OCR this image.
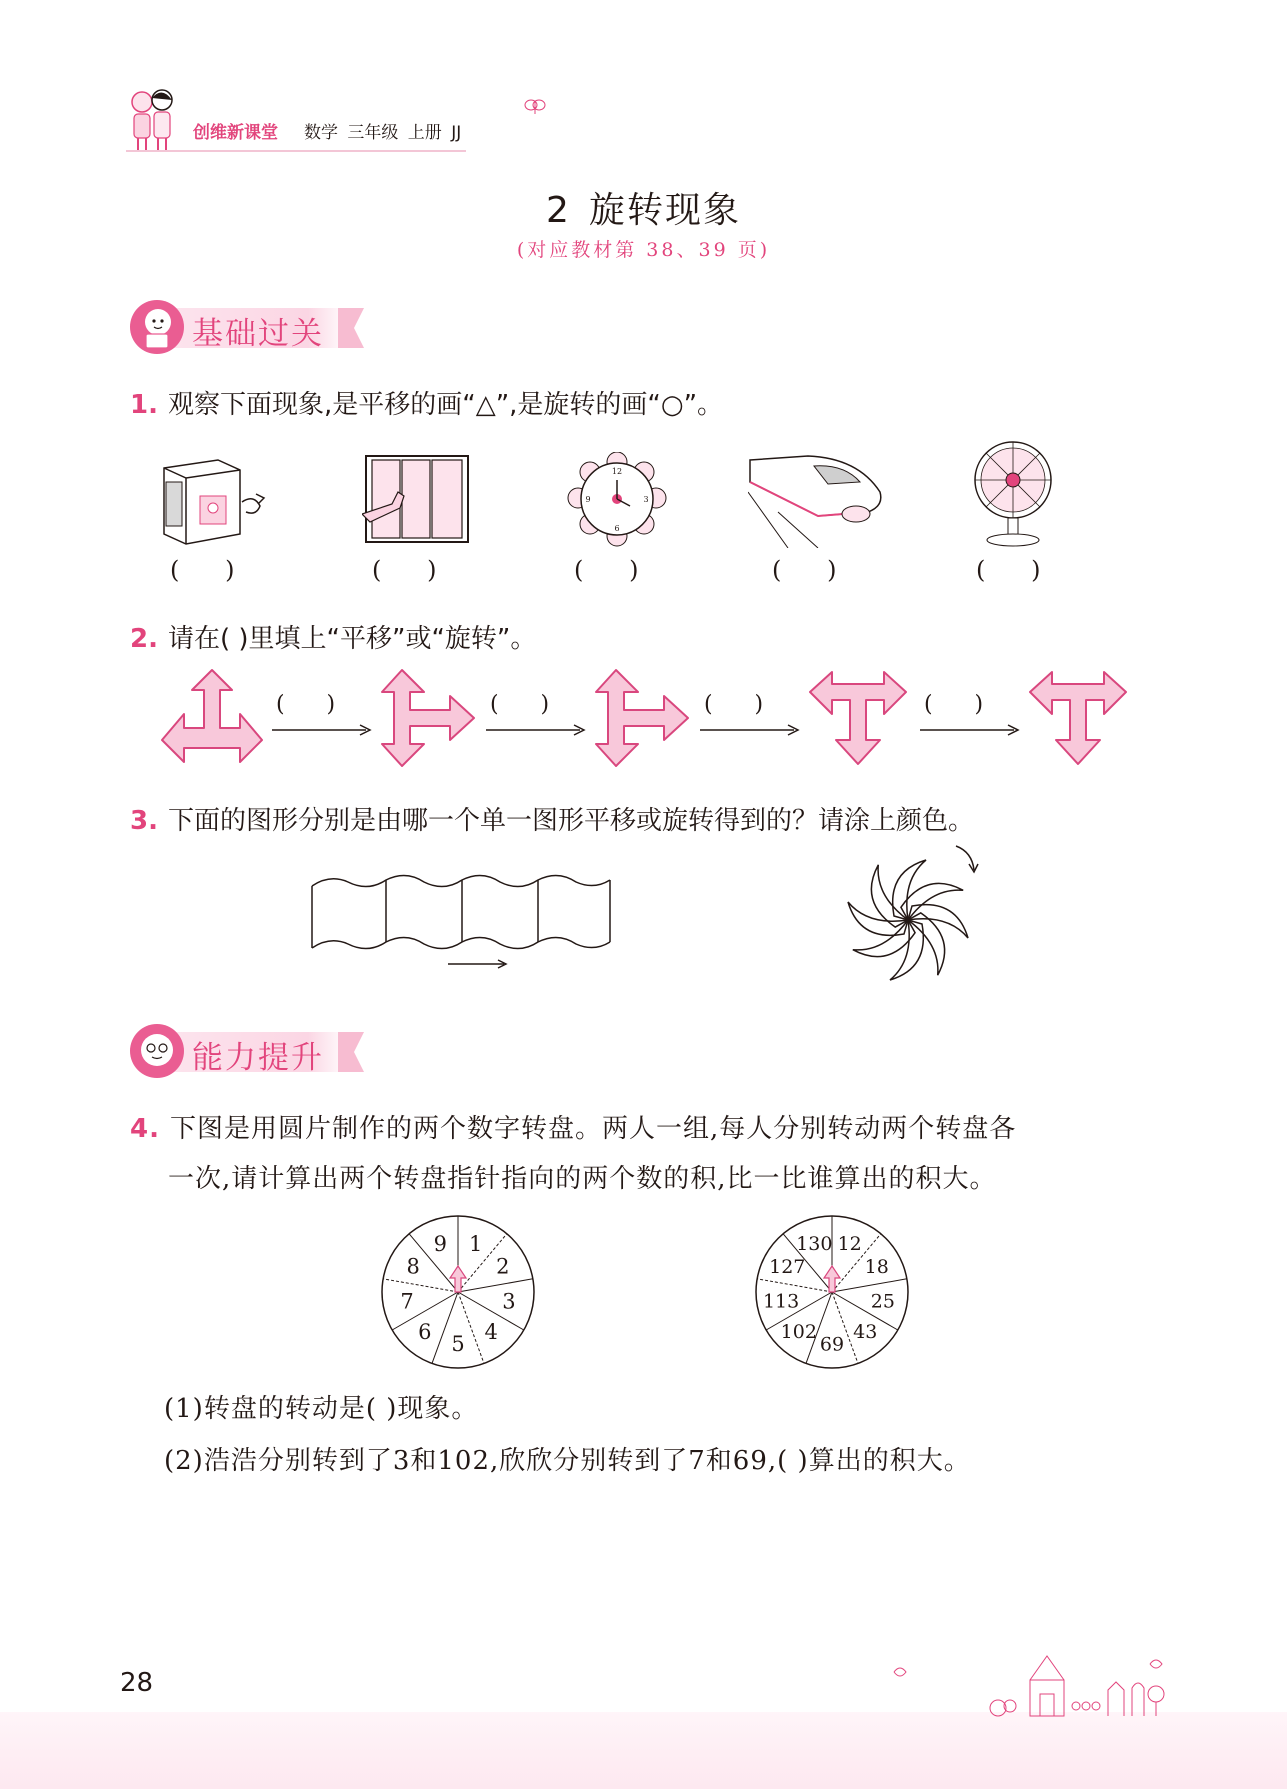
创维新课堂 数学 三年级 上册 JJ
2 旋转现象
(对应教材第 38、39 页)
基础过关
1. 观察下面现象,是平移的画“△”,是旋转的画“○”。
12
6
9	3
(      )	(      )	(      )	(      )	(      )
2. 请在( )里填上“平移”或“旋转”。
(      )	(      )	(      )	(      )
3. 下面的图形分别是由哪一个单一图形平移或旋转得到的？请涂上颜色。
能力提升
4. 下图是用圆片制作的两个数字转盘。两人一组,每人分别转动两个转盘各
一次,请计算出两个转盘指针指向的两个数的积,比一比谁算出的积大。
1
2
3
4
5
6
7
8
9	12
18
25
43
69
102
113
127
130
(1)转盘的转动是( )现象。
(2)浩浩分别转到了3和102,欣欣分别转到了7和69,( )算出的积大。
28
